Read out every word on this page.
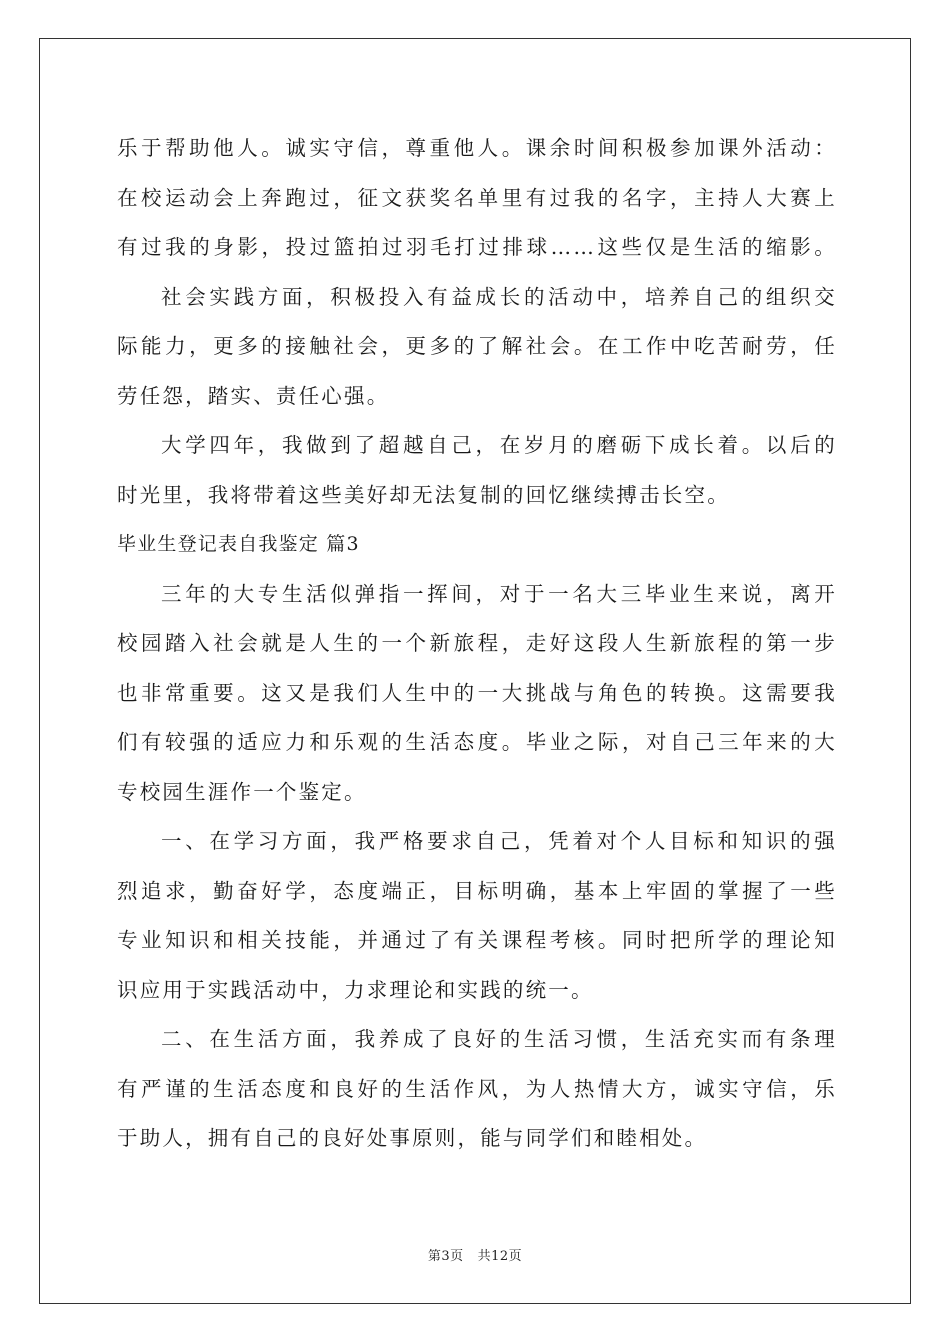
乐于帮助他人。诚实守信，尊重他人。课余时间积极参加课外活动：
在校运动会上奔跑过，征文获奖名单里有过我的名字，主持人大赛上
有过我的身影，投过篮拍过羽毛打过排球……这些仅是生活的缩影。
社会实践方面，积极投入有益成长的活动中，培养自己的组织交
际能力，更多的接触社会，更多的了解社会。在工作中吃苦耐劳，任
劳任怨，踏实、责任心强。
大学四年，我做到了超越自己，在岁月的磨砺下成长着。以后的
时光里，我将带着这些美好却无法复制的回忆继续搏击长空。
毕业生登记表自我鉴定 篇3
三年的大专生活似弹指一挥间，对于一名大三毕业生来说，离开
校园踏入社会就是人生的一个新旅程，走好这段人生新旅程的第一步
也非常重要。这又是我们人生中的一大挑战与角色的转换。这需要我
们有较强的适应力和乐观的生活态度。毕业之际，对自己三年来的大
专校园生涯作一个鉴定。
一、在学习方面，我严格要求自己，凭着对个人目标和知识的强
烈追求，勤奋好学，态度端正，目标明确，基本上牢固的掌握了一些
专业知识和相关技能，并通过了有关课程考核。同时把所学的理论知
识应用于实践活动中，力求理论和实践的统一。
二、在生活方面，我养成了良好的生活习惯，生活充实而有条理
有严谨的生活态度和良好的生活作风，为人热情大方，诚实守信，乐
于助人，拥有自己的良好处事原则，能与同学们和睦相处。
第3页 共12页
